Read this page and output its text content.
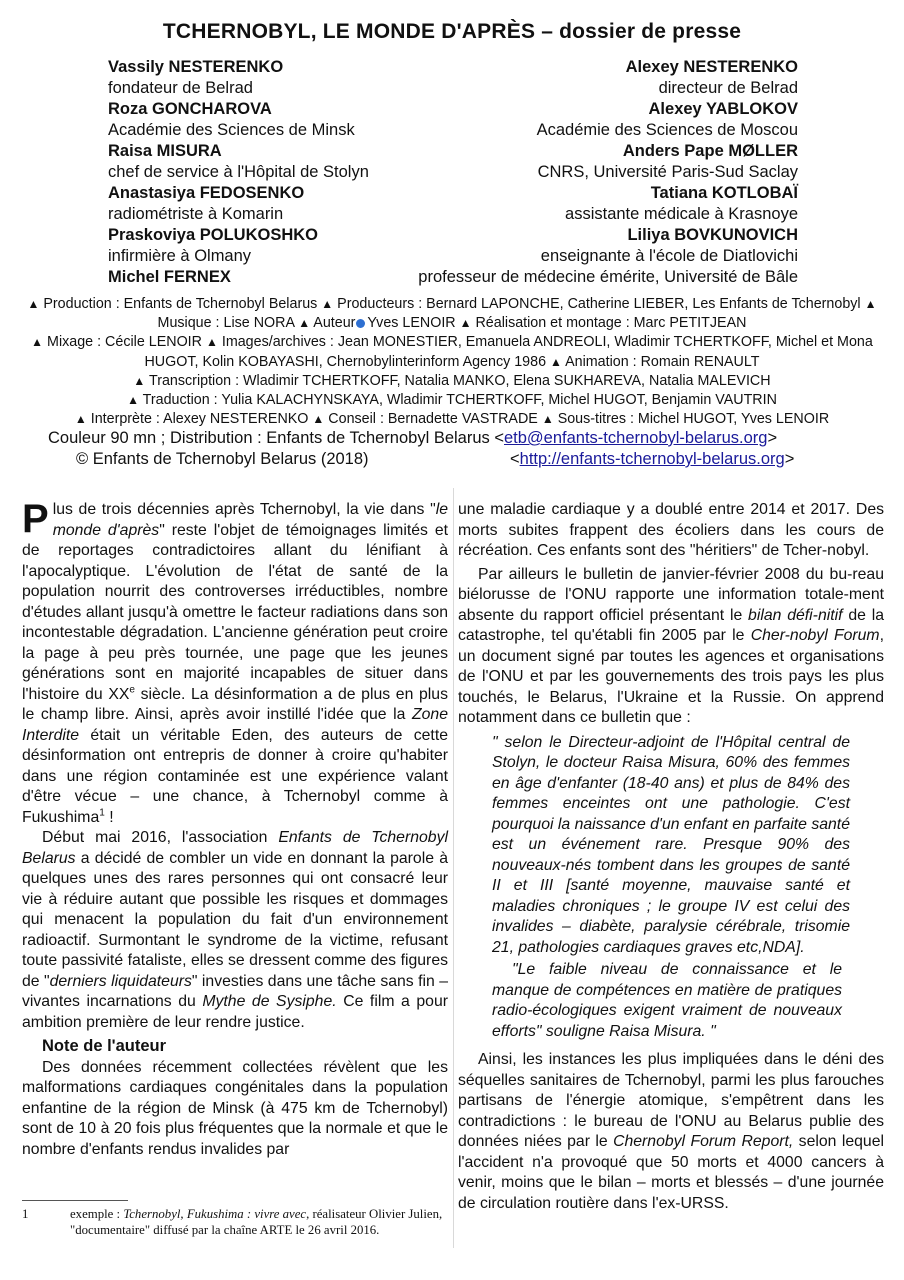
TCHERNOBYL, LE MONDE D'APRÈS – dossier de presse
Vassily NESTERENKO
fondateur de Belrad
Roza GONCHAROVA
Académie des Sciences de Minsk
Raisa MISURA
chef de service à l'Hôpital de Stolyn
Anastasiya FEDOSENKO
radiométriste à Komarin
Praskoviya POLUKOSHKO
infirmière à Olmany
Michel FERNEX
Alexey NESTERENKO
directeur de Belrad
Alexey YABLOKOV
Académie des Sciences de Moscou
Anders Pape MØLLER
CNRS, Université Paris-Sud Saclay
Tatiana KOTLOBAÏ
assistante médicale à Krasnoye
Liliya BOVKUNOVICH
enseignante à l'école de Diatlovichi
professeur de médecine émérite, Université de Bâle
▲ Production : Enfants de Tchernobyl Belarus ▲ Producteurs : Bernard LAPONCHE, Catherine LIEBER, Les Enfants de Tchernobyl ▲ Musique : Lise NORA ▲ Auteur Yves LENOIR ▲ Réalisation et montage : Marc PETITJEAN
▲ Mixage : Cécile LENOIR ▲ Images/archives : Jean MONESTIER, Emanuela ANDREOLI, Wladimir TCHERTKOFF, Michel et Mona HUGOT, Kolin KOBAYASHI, Chernobylinterinform Agency 1986 ▲ Animation : Romain RENAULT
▲ Transcription : Wladimir TCHERTKOFF, Natalia MANKO, Elena SUKHAREVA, Natalia MALEVICH
▲ Traduction : Yulia KALACHYNSKAYA, Wladimir TCHERTKOFF, Michel HUGOT, Benjamin VAUTRIN
▲ Interprète : Alexey NESTERENKO ▲ Conseil : Bernadette VASTRADE ▲ Sous-titres : Michel HUGOT, Yves LENOIR
Couleur 90 mn ; Distribution : Enfants de Tchernobyl Belarus <etb@enfants-tchernobyl-belarus.org>
© Enfants de Tchernobyl Belarus (2018)	<http://enfants-tchernobyl-belarus.org>

Plus de trois décennies après Tchernobyl, la vie dans "le monde d'après" reste l'objet de témoignages limités et de reportages contradictoires allant du lénifiant à l'apocalyptique. L'évolution de l'état de santé de la population nourrit des controverses irréductibles, nombre d'études allant jusqu'à omettre le facteur radiations dans son incontestable dégradation. L'ancienne génération peut croire la page à peu près tournée, une page que les jeunes générations sont en majorité incapables de situer dans l'histoire du XXe siècle. La désinformation a de plus en plus le champ libre. Ainsi, après avoir instillé l'idée que la Zone Interdite était un véritable Eden, des auteurs de cette désinformation ont entrepris de donner à croire qu'habiter dans une région contaminée est une expérience valant d'être vécue – une chance, à Tchernobyl comme à Fukushima$^1$ !

Début mai 2016, l'association Enfants de Tchernobyl Belarus a décidé de combler un vide en donnant la parole à quelques unes des rares personnes qui ont consacré leur vie à réduire autant que possible les risques et dommages qui menacent la population du fait d'un environnement radioactif. Surmontant le syndrome de la victime, refusant toute passivité fataliste, elles se dressent comme des figures de "derniers liquidateurs" investies dans une tâche sans fin – vivantes incarnations du Mythe de Sysiphe. Ce film a pour ambition première de leur rendre justice.

Note de l'auteur

Des données récemment collectées révèlent que les malformations cardiaques congénitales dans la population enfantine de la région de Minsk (à 475 km de Tchernobyl) sont de 10 à 20 fois plus fréquentes que la normale et que le nombre d'enfants rendus invalides par

une maladie cardiaque y a doublé entre 2014 et 2017. Des morts subites frappent des écoliers dans les cours de récréation. Ces enfants sont des "héritiers" de Tcher-nobyl.

Par ailleurs le bulletin de janvier-février 2008 du bu-reau biélorusse de l'ONU rapporte une information totale-ment absente du rapport officiel présentant le bilan défi-nitif de la catastrophe, tel qu'établi fin 2005 par le Cher-nobyl Forum, un document signé par toutes les agences et organisations de l'ONU et par les gouvernements des trois pays les plus touchés, le Belarus, l'Ukraine et la Russie. On apprend notamment dans ce bulletin que :

" selon le Directeur-adjoint de l'Hôpital central de Stolyn, le docteur Raisa Misura, 60% des femmes en âge d'enfanter (18-40 ans) et plus de 84% des femmes enceintes ont une pathologie. C'est pourquoi la naissance d'un enfant en parfaite santé est un événement rare. Presque 90% des nouveaux-nés tombent dans les groupes de santé II et III [santé moyenne, mauvaise santé et maladies chroniques ; le groupe IV est celui des invalides – diabète, paralysie cérébrale, trisomie 21, pathologies cardiaques graves etc,NDA].

"Le faible niveau de connaissance et le manque de compétences en matière de pratiques radio-écologiques exigent vraiment de nouveaux efforts" souligne Raisa Misura. "

Ainsi, les instances les plus impliquées dans le déni des séquelles sanitaires de Tchernobyl, parmi les plus farouches partisans de l'énergie atomique, s'empêtrent dans les contradictions : le bureau de l'ONU au Belarus publie des données niées par le Chernobyl Forum Report, selon lequel l'accident n'a provoqué que 50 morts et 4000 cancers à venir, moins que le bilan – morts et blessés – d'une journée de circulation routière dans l'ex-URSS.

1	exemple : Tchernobyl, Fukushima : vivre avec, réalisateur Olivier Julien, "documentaire" diffusé par la chaîne ARTE le 26 avril 2016.
